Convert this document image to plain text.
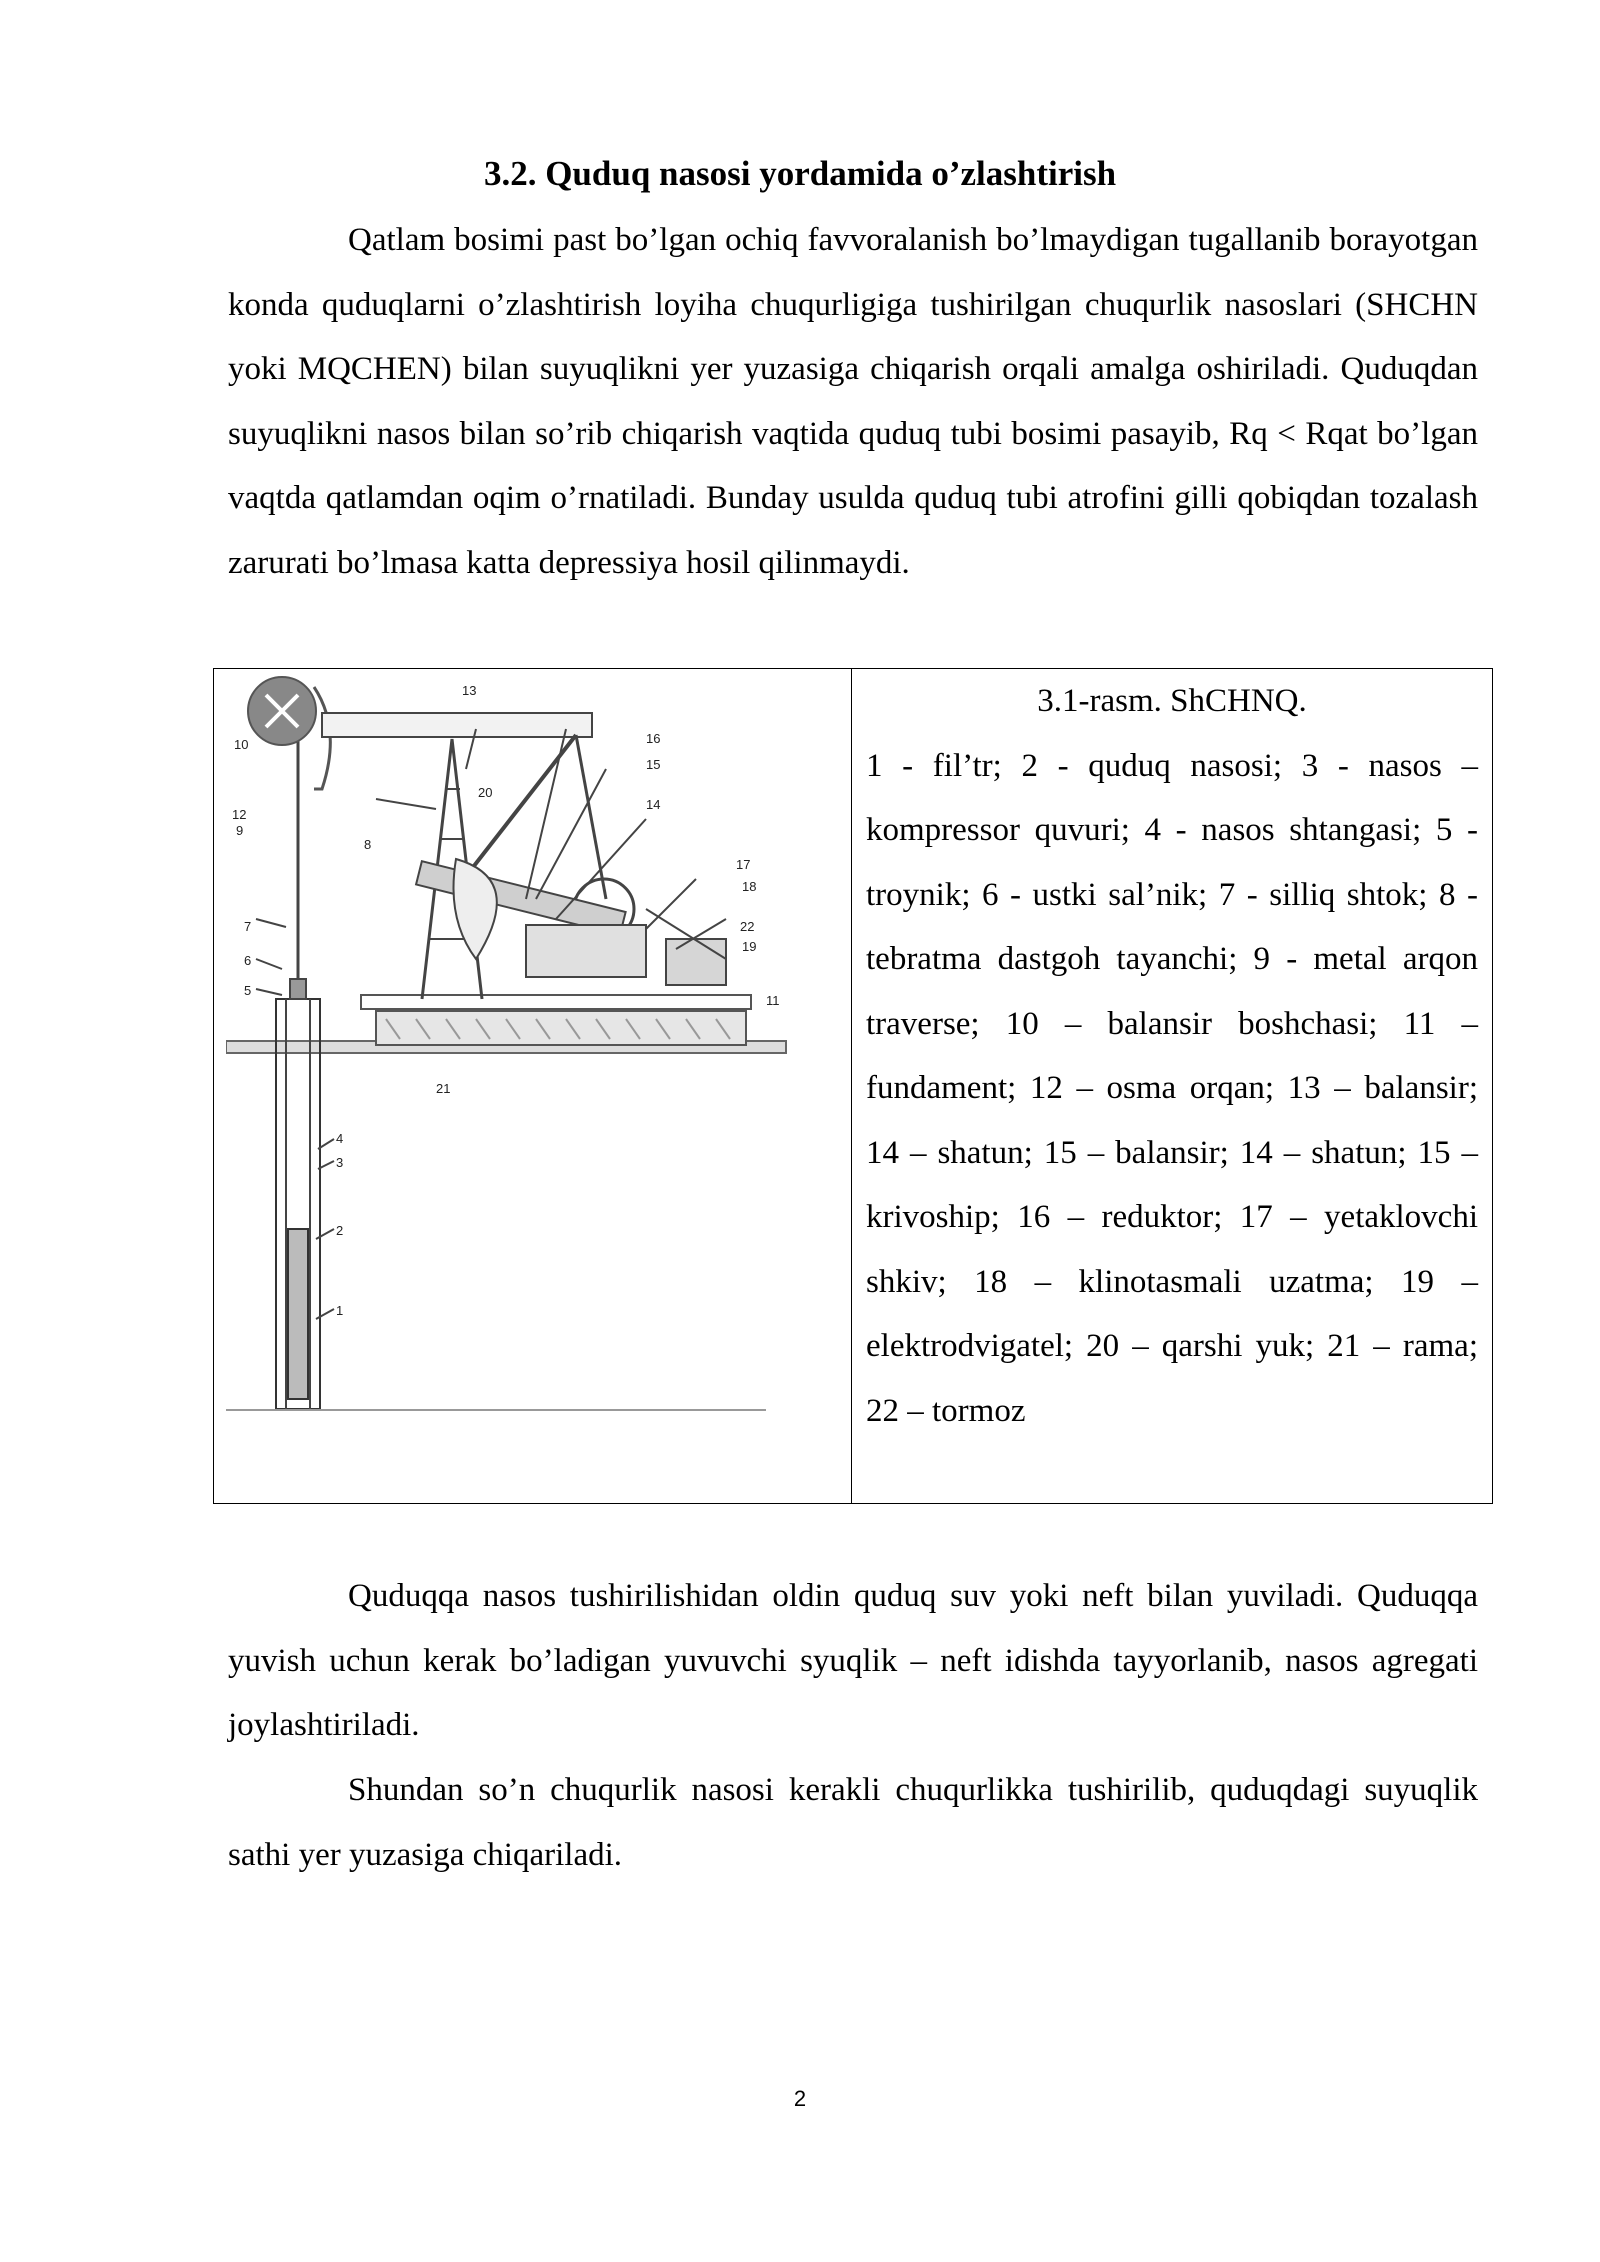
3.2. Quduq nasosi yordamida o’zlashtirish

Qatlam bosimi past bo’lgan ochiq favvoralanish bo’lmaydigan tugallanib borayotgan konda quduqlarni o’zlashtirish loyiha chuqurligiga tushirilgan chuqurlik nasoslari (SHCHN yoki MQCHEN) bilan suyuqlikni yer yuzasiga chiqarish orqali amalga oshiriladi. Quduqdan suyuqlikni nasos bilan so’rib chiqarish vaqtida quduq tubi bosimi pasayib, Rq < Rqat bo’lgan vaqtda qatlamdan oqim o’rnatiladi. Bunday usulda quduq tubi atrofini gilli qobiqdan tozalash zarurati bo’lmasa katta depressiya hosil qilinmaydi.

7
6
5
4
3
2
1
8
9
10
11
12
13
14
15
16
17
18
19
20
21
22
3.1-rasm. ShCHNQ.

1 - fil’tr; 2 - quduq nasosi; 3 - nasos – kompressor quvuri; 4 - nasos shtangasi; 5 - troynik; 6 - ustki sal’nik; 7 - silliq shtok; 8 - tebratma dastgoh tayanchi; 9 - metal arqon traverse; 10 – balansir boshchasi; 11 – fundament; 12 – osma orqan; 13 – balansir; 14 – shatun; 15 – balansir; 14 – shatun; 15 – krivoship; 16 – reduktor; 17 – yetaklovchi shkiv; 18 – klinotasmali uzatma; 19 – elektrodvigatel; 20 – qarshi yuk; 21 – rama; 22 – tormoz

Quduqqa nasos tushirilishidan oldin quduq suv yoki neft bilan yuviladi. Quduqqa yuvish uchun kerak bo’ladigan yuvuvchi syuqlik – neft idishda tayyorlanib, nasos agregati joylashtiriladi.

Shundan so’n chuqurlik nasosi kerakli chuqurlikka tushirilib, quduqdagi suyuqlik sathi yer yuzasiga chiqariladi.

2
